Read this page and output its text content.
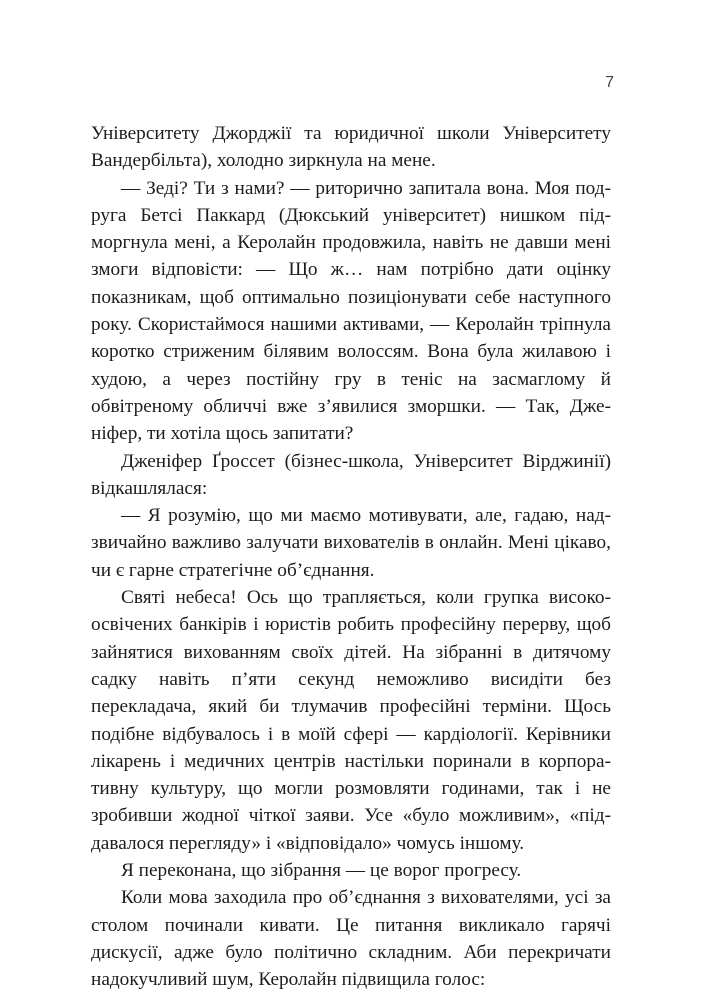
7

Університету Джорджії та юридичної школи Університету Вандербільта), холодно зиркнула на мене.

— Зеді? Ти з нами? — риторично запитала вона. Моя подруга Бетсі Паккард (Дюкський університет) нишком підморгнула мені, а Керолайн продовжила, навіть не давши мені змоги відповісти: — Що ж… нам потрібно дати оцінку показникам, щоб оптимально позиціонувати себе наступного року. Скористаймося нашими активами, — Керолайн тріпнула коротко стриженим білявим волоссям. Вона була жилавою і худою, а через постійну гру в теніс на засмаглому й обвітреному обличчі вже з’явилися зморшки. — Так, Дженіфер, ти хотіла щось запитати?

Дженіфер Ґроссет (бізнес-школа, Університет Вірджинії) відкашлялася:

— Я розумію, що ми маємо мотивувати, але, гадаю, надзвичайно важливо залучати вихователів в онлайн. Мені цікаво, чи є гарне стратегічне об’єднання.

Святі небеса! Ось що трапляється, коли групка високоосвічених банкірів і юристів робить професійну перерву, щоб зайнятися вихованням своїх дітей. На зібранні в дитячому садку навіть п’яти секунд неможливо висидіти без перекладача, який би тлумачив професійні терміни. Щось подібне відбувалось і в моїй сфері — кардіології. Керівники лікарень і медичних центрів настільки поринали в корпоративну культуру, що могли розмовляти годинами, так і не зробивши жодної чіткої заяви. Усе «було можливим», «піддавалося перегляду» і «відповідало» чомусь іншому.

Я переконана, що зібрання — це ворог прогресу.

Коли мова заходила про об’єднання з вихователями, усі за столом починали кивати. Це питання викликало гарячі дискусії, адже було політично складним. Аби перекричати надокучливий шум, Керолайн підвищила голос:
